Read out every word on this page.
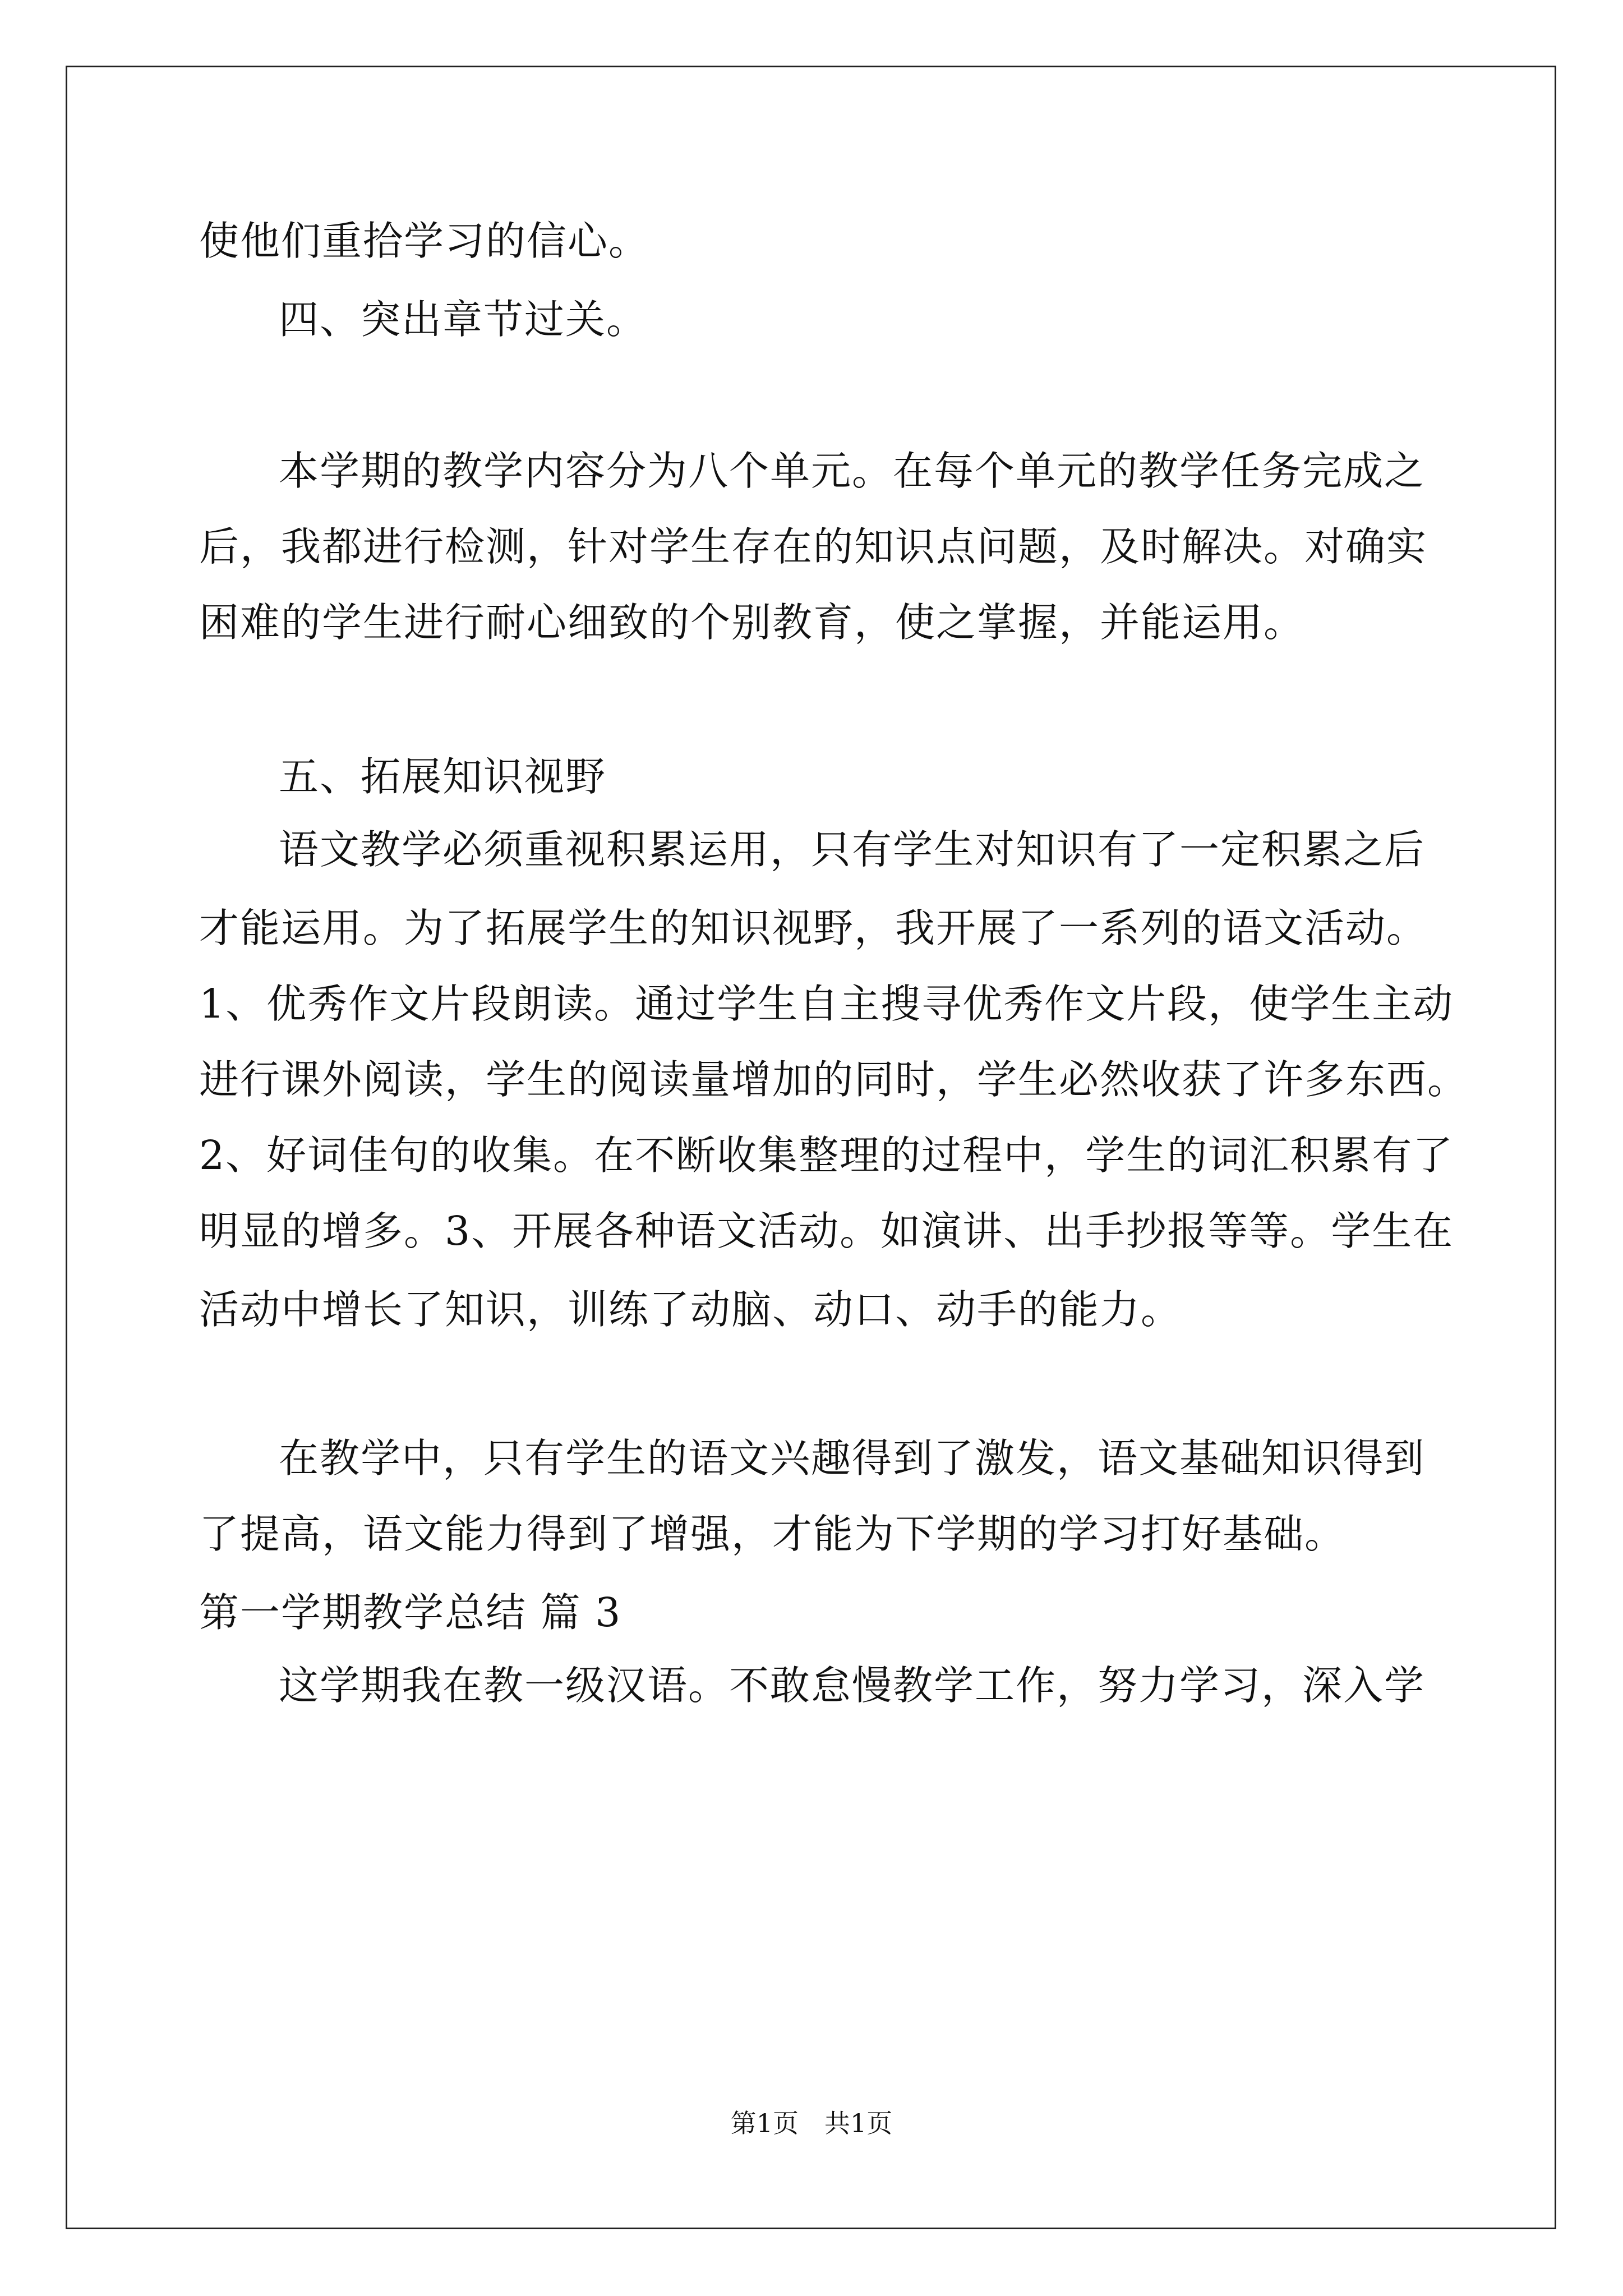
使他们重拾学习的信心。
四、突出章节过关。
本学期的教学内容分为八个单元。在每个单元的教学任务完成之
后，我都进行检测，针对学生存在的知识点问题，及时解决。对确实
困难的学生进行耐心细致的个别教育，使之掌握，并能运用。
五、拓展知识视野
语文教学必须重视积累运用，只有学生对知识有了一定积累之后
才能运用。为了拓展学生的知识视野，我开展了一系列的语文活动。
1、优秀作文片段朗读。通过学生自主搜寻优秀作文片段，使学生主动
进行课外阅读，学生的阅读量增加的同时，学生必然收获了许多东西。
2、好词佳句的收集。在不断收集整理的过程中，学生的词汇积累有了
明显的增多。3、开展各种语文活动。如演讲、出手抄报等等。学生在
活动中增长了知识，训练了动脑、动口、动手的能力。
在教学中，只有学生的语文兴趣得到了激发，语文基础知识得到
了提高，语文能力得到了增强，才能为下学期的学习打好基础。
第一学期教学总结 篇 3
这学期我在教一级汉语。不敢怠慢教学工作，努力学习，深入学
第1页　共1页
